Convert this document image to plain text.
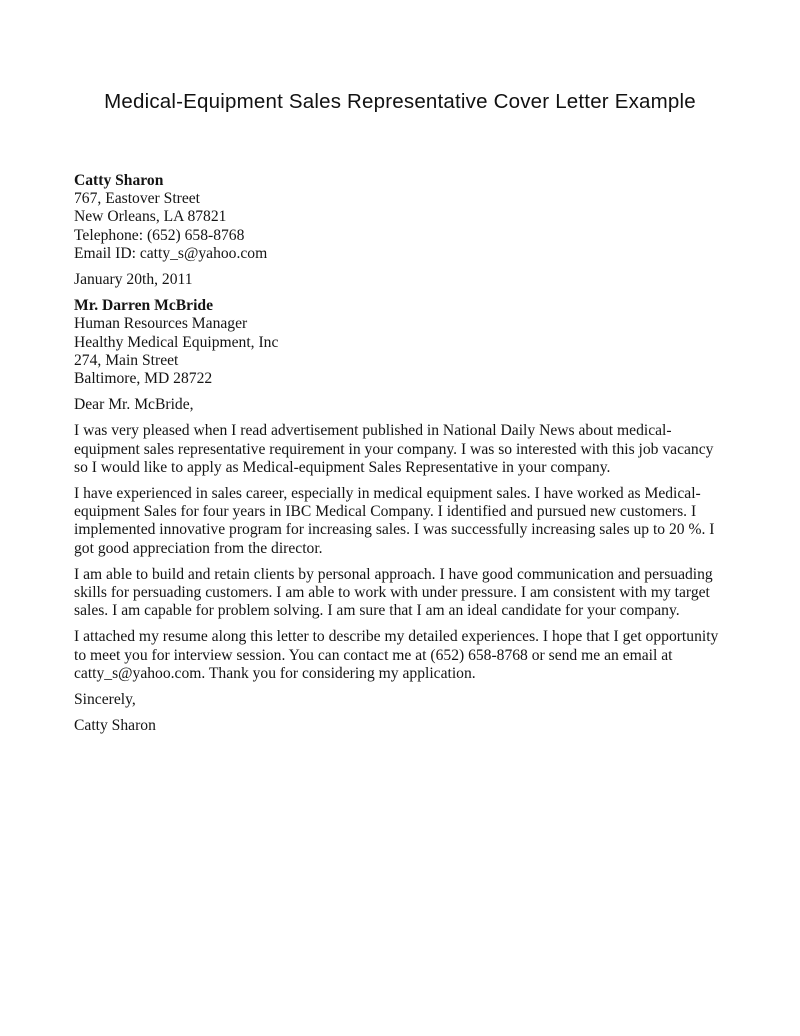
Medical-Equipment Sales Representative Cover Letter Example
Catty Sharon
767, Eastover Street
New Orleans, LA 87821
Telephone: (652) 658-8768
Email ID: catty_s@yahoo.com
January 20th, 2011
Mr. Darren McBride
Human Resources Manager
Healthy Medical Equipment, Inc
274, Main Street
Baltimore, MD 28722
Dear Mr. McBride,

I was very pleased when I read advertisement published in National Daily News about medical-equipment sales representative requirement in your company. I was so interested with this job vacancy so I would like to apply as Medical-equipment Sales Representative in your company.

I have experienced in sales career, especially in medical equipment sales. I have worked as Medical-equipment Sales for four years in IBC Medical Company. I identified and pursued new customers. I implemented innovative program for increasing sales. I was successfully increasing sales up to 20 %. I got good appreciation from the director.

I am able to build and retain clients by personal approach. I have good communication and persuading skills for persuading customers. I am able to work with under pressure. I am consistent with my target sales. I am capable for problem solving. I am sure that I am an ideal candidate for your company.

I attached my resume along this letter to describe my detailed experiences. I hope that I get opportunity to meet you for interview session. You can contact me at (652) 658-8768 or send me an email at catty_s@yahoo.com. Thank you for considering my application.

Sincerely,
Catty Sharon
